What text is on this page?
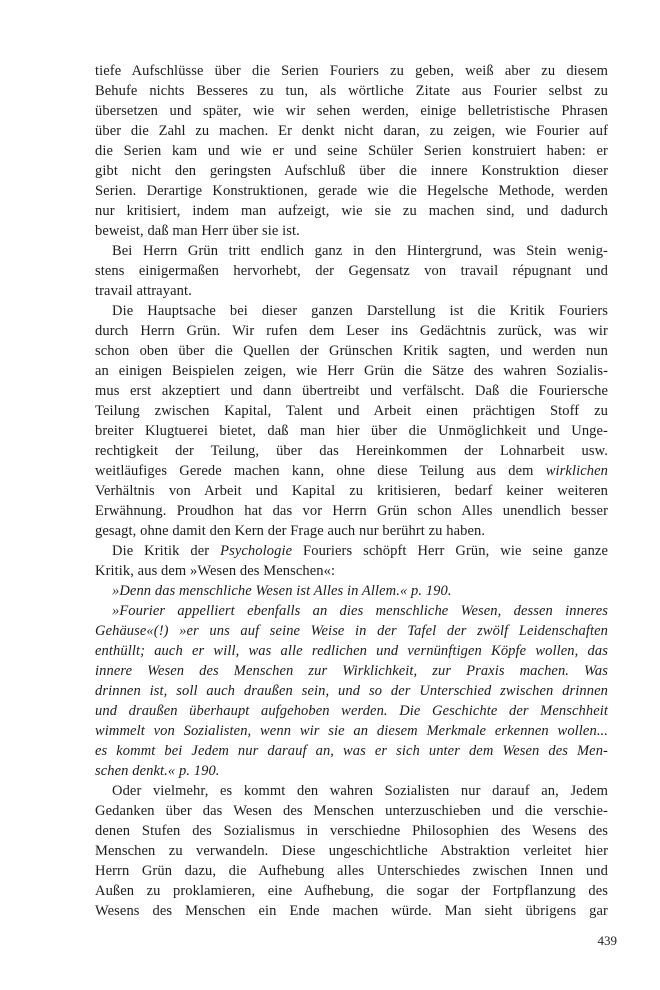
tiefe Aufschlüsse über die Serien Fouriers zu geben, weiß aber zu diesem
Behufe nichts Besseres zu tun, als wörtliche Zitate aus Fourier selbst zu
übersetzen und später, wie wir sehen werden, einige belletristische Phrasen
über die Zahl zu machen. Er denkt nicht daran, zu zeigen, wie Fourier auf
die Serien kam und wie er und seine Schüler Serien konstruiert haben: er
gibt nicht den geringsten Aufschluß über die innere Konstruktion dieser
Serien. Derartige Konstruktionen, gerade wie die Hegelsche Methode, werden
nur kritisiert, indem man aufzeigt, wie sie zu machen sind, und dadurch
beweist, daß man Herr über sie ist.
Bei Herrn Grün tritt endlich ganz in den Hintergrund, was Stein wenig-
stens einigermaßen hervorhebt, der Gegensatz von travail répugnant und
travail attrayant.
Die Hauptsache bei dieser ganzen Darstellung ist die Kritik Fouriers
durch Herrn Grün. Wir rufen dem Leser ins Gedächtnis zurück, was wir
schon oben über die Quellen der Grünschen Kritik sagten, und werden nun
an einigen Beispielen zeigen, wie Herr Grün die Sätze des wahren Sozialis-
mus erst akzeptiert und dann übertreibt und verfälscht. Daß die Fouriersche
Teilung zwischen Kapital, Talent und Arbeit einen prächtigen Stoff zu
breiter Klugtuerei bietet, daß man hier über die Unmöglichkeit und Unge-
rechtigkeit der Teilung, über das Hereinkommen der Lohnarbeit usw.
weitläufiges Gerede machen kann, ohne diese Teilung aus dem wirklichen
Verhältnis von Arbeit und Kapital zu kritisieren, bedarf keiner weiteren
Erwähnung. Proudhon hat das vor Herrn Grün schon Alles unendlich besser
gesagt, ohne damit den Kern der Frage auch nur berührt zu haben.
Die Kritik der Psychologie Fouriers schöpft Herr Grün, wie seine ganze
Kritik, aus dem »Wesen des Menschen«:
»Denn das menschliche Wesen ist Alles in Allem.« p. 190.
»Fourier appelliert ebenfalls an dies menschliche Wesen, dessen inneres
Gehäuse«(!) »er uns auf seine Weise in der Tafel der zwölf Leidenschaften
enthüllt; auch er will, was alle redlichen und vernünftigen Köpfe wollen, das
innere Wesen des Menschen zur Wirklichkeit, zur Praxis machen. Was
drinnen ist, soll auch draußen sein, und so der Unterschied zwischen drinnen
und draußen überhaupt aufgehoben werden. Die Geschichte der Menschheit
wimmelt von Sozialisten, wenn wir sie an diesem Merkmale erkennen wollen...
es kommt bei Jedem nur darauf an, was er sich unter dem Wesen des Men-
schen denkt.« p. 190.
Oder vielmehr, es kommt den wahren Sozialisten nur darauf an, Jedem
Gedanken über das Wesen des Menschen unterzuschieben und die verschie-
denen Stufen des Sozialismus in verschiedne Philosophien des Wesens des
Menschen zu verwandeln. Diese ungeschichtliche Abstraktion verleitet hier
Herrn Grün dazu, die Aufhebung alles Unterschiedes zwischen Innen und
Außen zu proklamieren, eine Aufhebung, die sogar der Fortpflanzung des
Wesens des Menschen ein Ende machen würde. Man sieht übrigens gar
439
